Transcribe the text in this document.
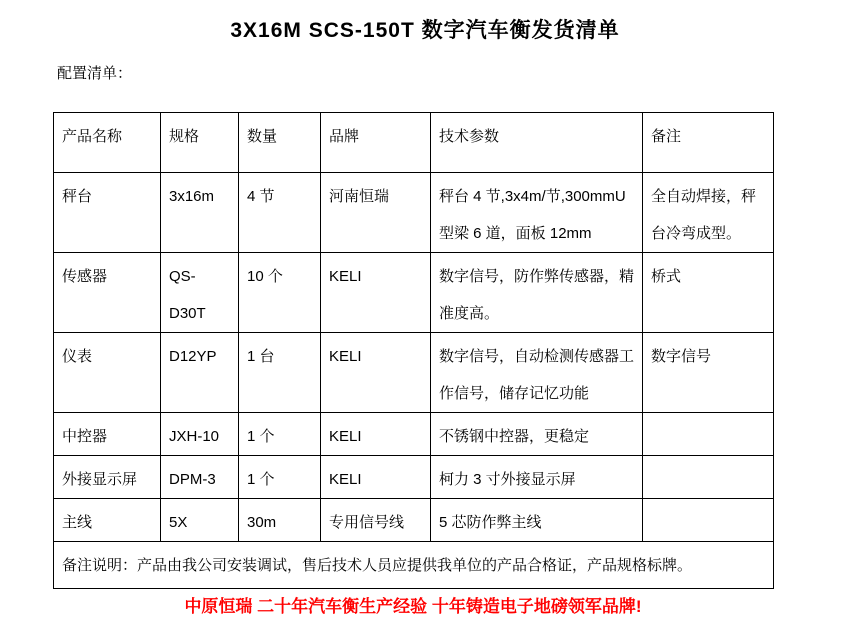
3X16M SCS-150T 数字汽车衡发货清单
配置清单：
产品名称	规格	数量	品牌	技术参数	备注
秤台	3x16m	4 节	河南恒瑞	秤台 4 节,3x4m/节,300mmU型梁 6 道，面板 12mm	全自动焊接，秤台冷弯成型。
传感器	QS-D30T	10 个	KELI	数字信号，防作弊传感器，精准度高。	桥式
仪表	D12YP	1 台	KELI	数字信号，自动检测传感器工作信号，储存记忆功能	数字信号
中控器	JXH-10	1 个	KELI	不锈钢中控器，更稳定	
外接显示屏	DPM-3	1 个	KELI	柯力 3 寸外接显示屏	
主线	5X	30m	专用信号线	5 芯防作弊主线	
备注说明：产品由我公司安装调试，售后技术人员应提供我单位的产品合格证，产品规格标牌。					
中原恒瑞 二十年汽车衡生产经验 十年铸造电子地磅领军品牌!
